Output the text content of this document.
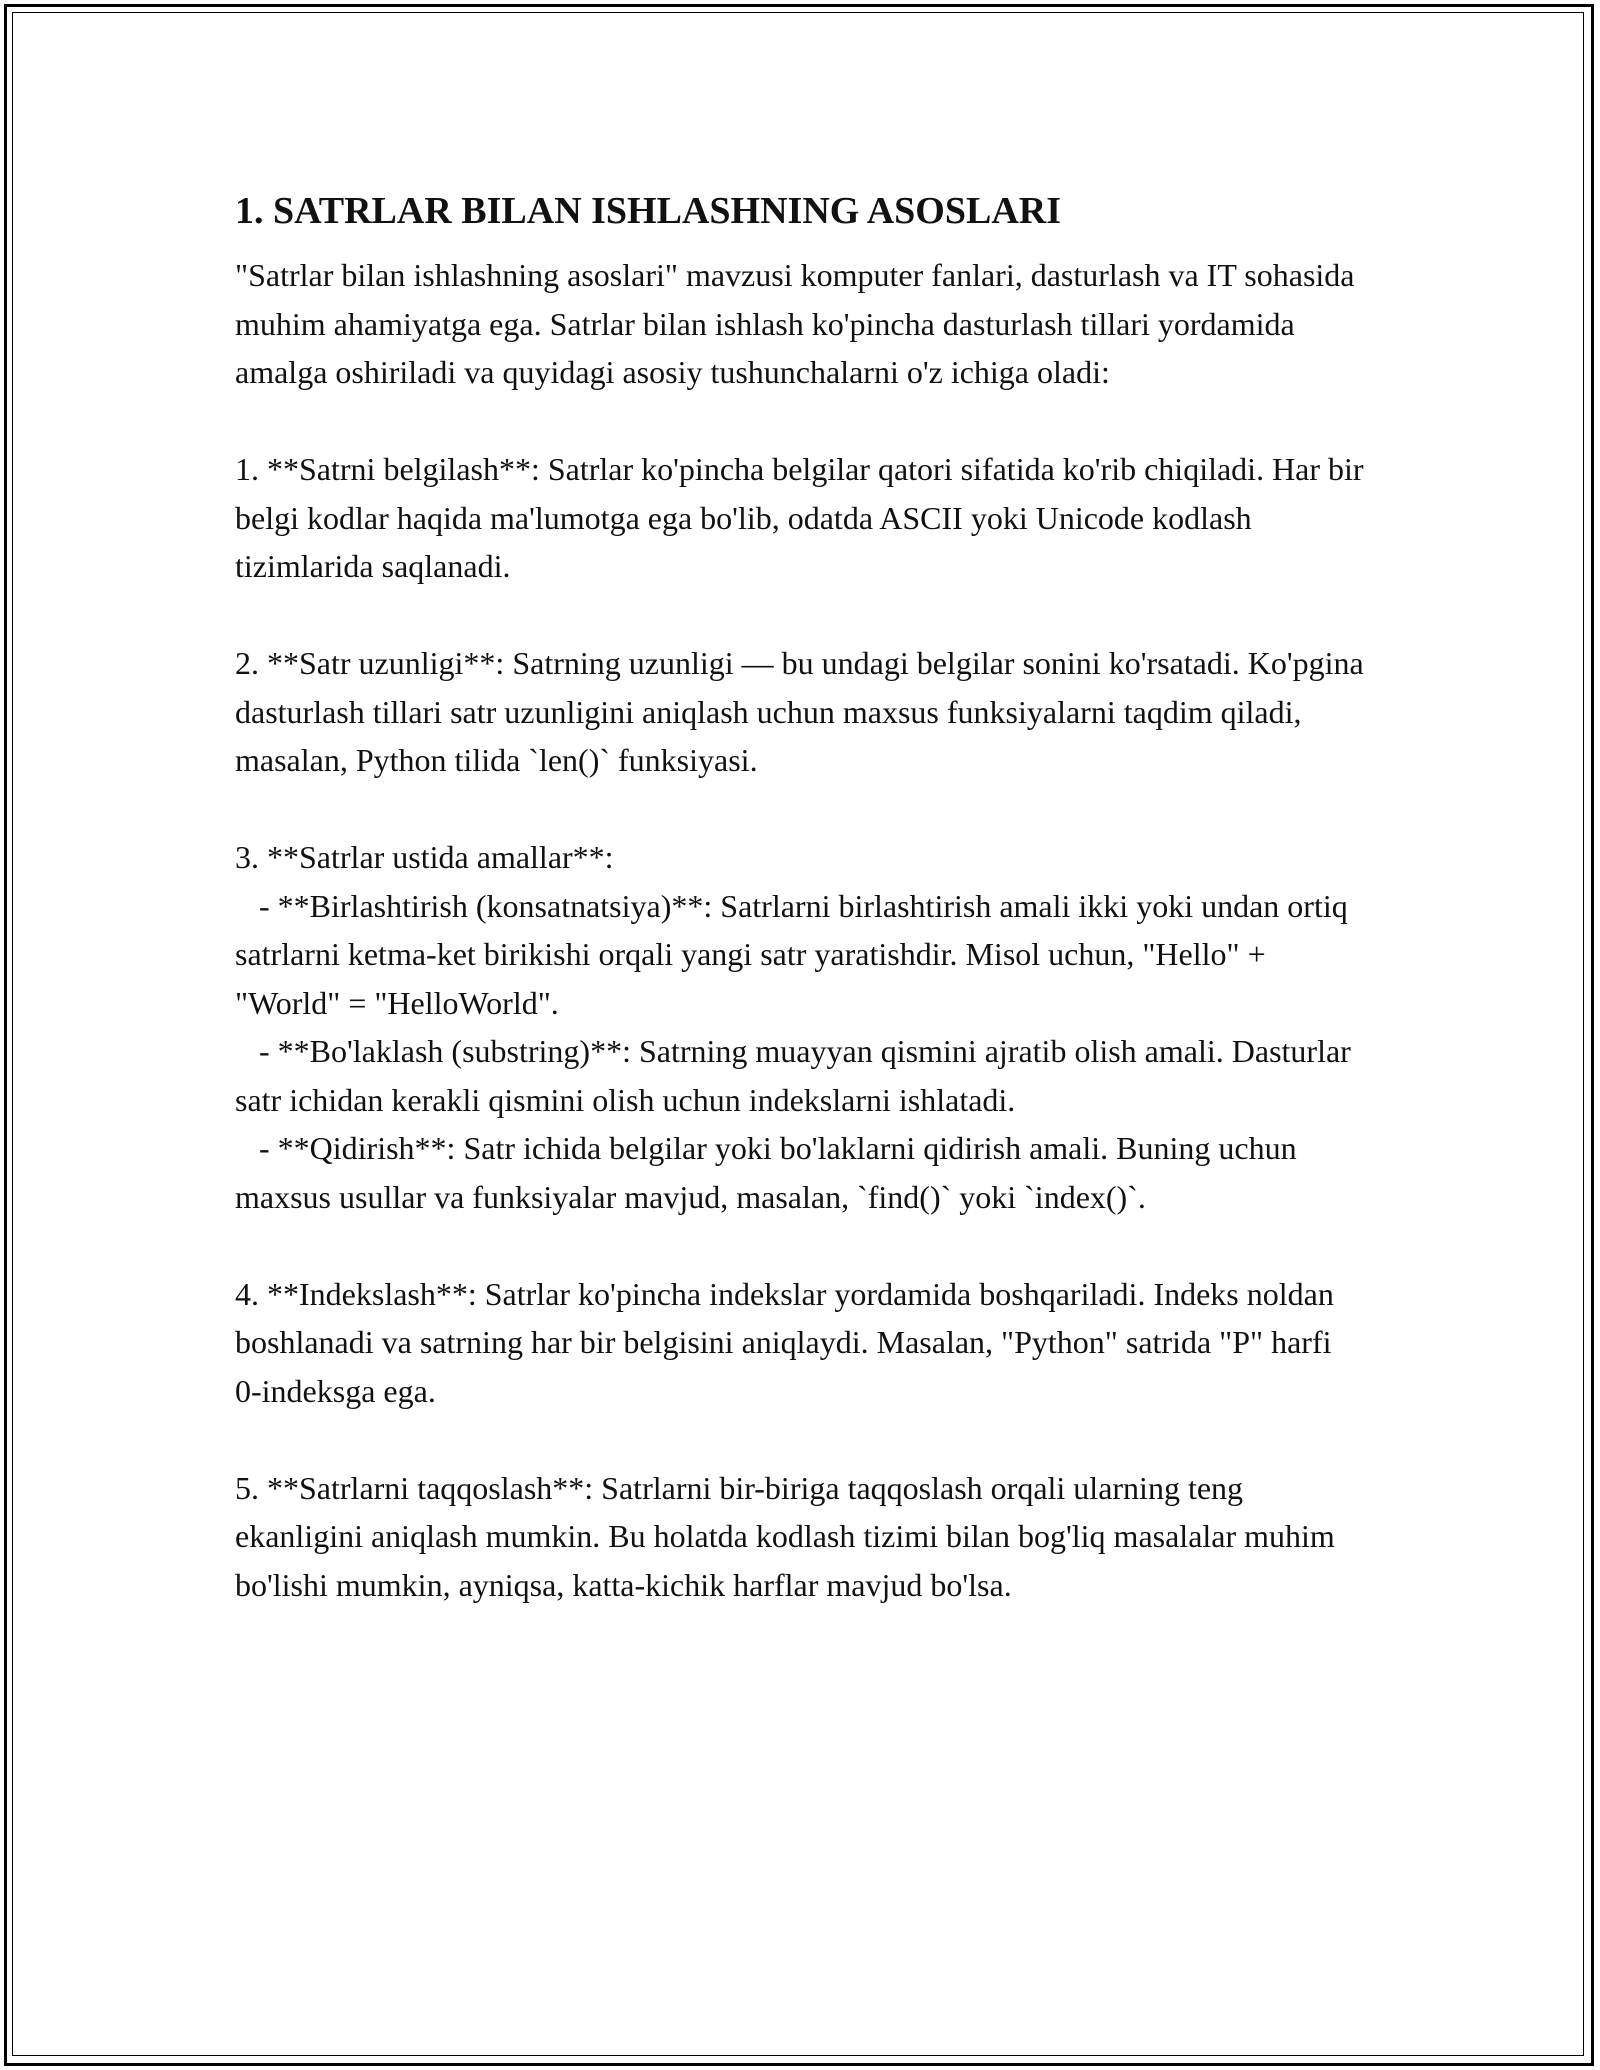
1. SATRLAR BILAN ISHLASHNING ASOSLARI
"Satrlar bilan ishlashning asoslari" mavzusi komputer fanlari, dasturlash va IT sohasida muhim ahamiyatga ega. Satrlar bilan ishlash ko'pincha dasturlash tillari yordamida amalga oshiriladi va quyidagi asosiy tushunchalarni o'z ichiga oladi:
1. **Satrni belgilash**: Satrlar ko'pincha belgilar qatori sifatida ko'rib chiqiladi. Har bir belgi kodlar haqida ma'lumotga ega bo'lib, odatda ASCII yoki Unicode kodlash tizimlarida saqlanadi.
2. **Satr uzunligi**: Satrning uzunligi — bu undagi belgilar sonini ko'rsatadi. Ko'pgina dasturlash tillari satr uzunligini aniqlash uchun maxsus funksiyalarni taqdim qiladi, masalan, Python tilida `len()` funksiyasi.
3. **Satrlar ustida amallar**:
- **Birlashtirish (konsatnatsiya)**: Satrlarni birlashtirish amali ikki yoki undan ortiq satrlarni ketma-ket birikishi orqali yangi satr yaratishdir. Misol uchun, "Hello" + "World" = "HelloWorld".
- **Bo'laklash (substring)**: Satrning muayyan qismini ajratib olish amali. Dasturlar satr ichidan kerakli qismini olish uchun indekslarni ishlatadi.
- **Qidirish**: Satr ichida belgilar yoki bo'laklarni qidirish amali. Buning uchun maxsus usullar va funksiyalar mavjud, masalan, `find()` yoki `index()`.
4. **Indekslash**: Satrlar ko'pincha indekslar yordamida boshqariladi. Indeks noldan boshlanadi va satrning har bir belgisini aniqlaydi. Masalan, "Python" satrida "P" harfi 0-indeksga ega.
5. **Satrlarni taqqoslash**: Satrlarni bir-biriga taqqoslash orqali ularning teng ekanligini aniqlash mumkin. Bu holatda kodlash tizimi bilan bog'liq masalalar muhim bo'lishi mumkin, ayniqsa, katta-kichik harflar mavjud bo'lsa.
